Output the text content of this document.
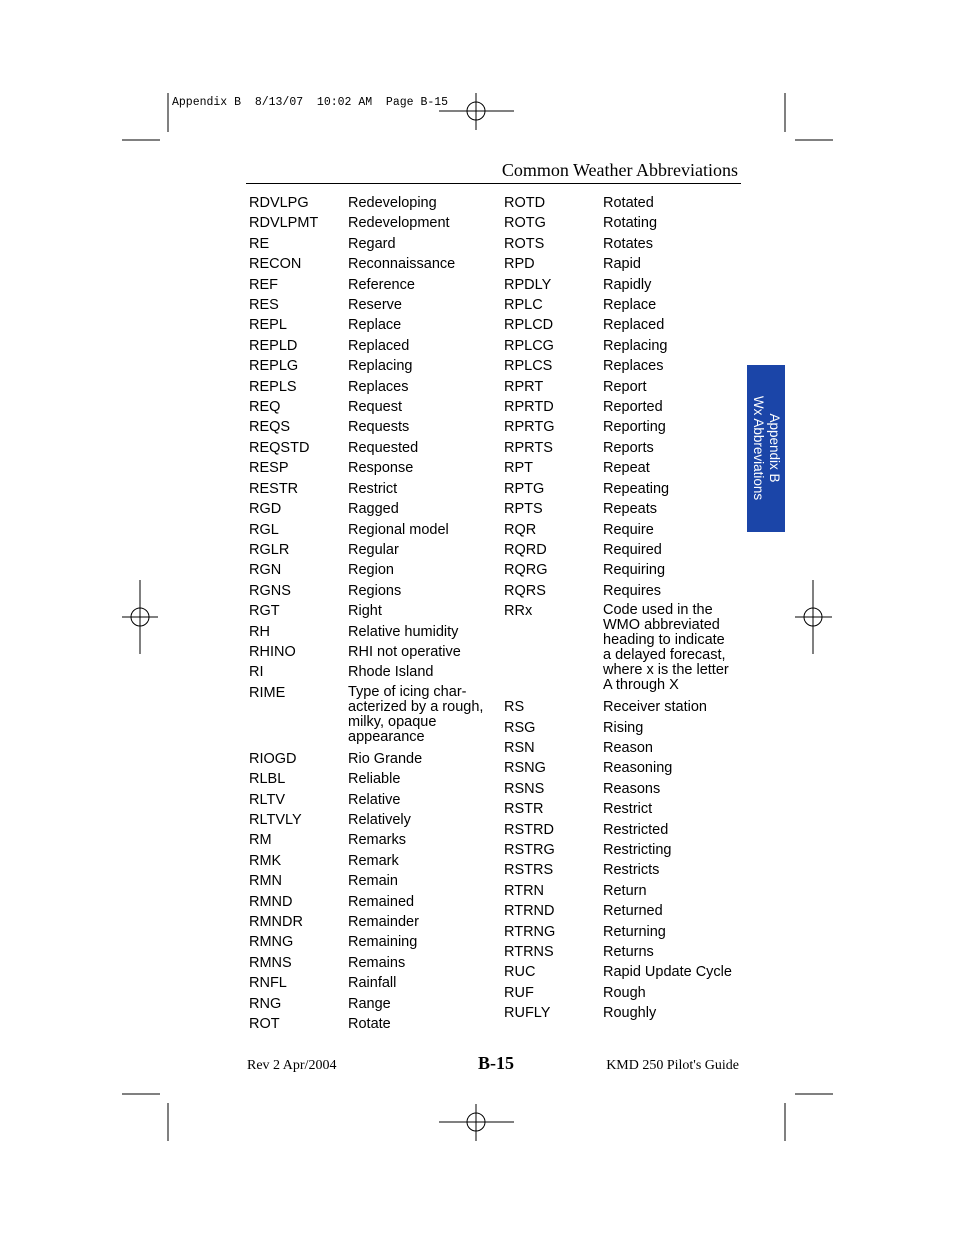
Appendix B  8/13/07  10:02 AM  Page B-15
Common Weather Abbreviations
RDVLPG	Redeveloping
RDVLPMT	Redevelopment
RE	Regard
RECON	Reconnaissance
REF	Reference
RES	Reserve
REPL	Replace
REPLD	Replaced
REPLG	Replacing
REPLS	Replaces
REQ	Request
REQS	Requests
REQSTD	Requested
RESP	Response
RESTR	Restrict
RGD	Ragged
RGL	Regional model
RGLR	Regular
RGN	Region
RGNS	Regions
RGT	Right
RH	Relative humidity
RHINO	RHI not operative
RI	Rhode Island
RIME	Type of icing char-
acterized by a rough,
milky, opaque
appearance
RIOGD	Rio Grande
RLBL	Reliable
RLTV	Relative
RLTVLY	Relatively
RM	Remarks
RMK	Remark
RMN	Remain
RMND	Remained
RMNDR	Remainder
RMNG	Remaining
RMNS	Remains
RNFL	Rainfall
RNG	Range
ROT	Rotate
ROTD	Rotated
ROTG	Rotating
ROTS	Rotates
RPD	Rapid
RPDLY	Rapidly
RPLC	Replace
RPLCD	Replaced
RPLCG	Replacing
RPLCS	Replaces
RPRT	Report
RPRTD	Reported
RPRTG	Reporting
RPRTS	Reports
RPT	Repeat
RPTG	Repeating
RPTS	Repeats
RQR	Require
RQRD	Required
RQRG	Requiring
RQRS	Requires
RRx	Code used in the
WMO abbreviated
heading to indicate
a delayed forecast,
where x is the letter
A through X
RS	Receiver station
RSG	Rising
RSN	Reason
RSNG	Reasoning
RSNS	Reasons
RSTR	Restrict
RSTRD	Restricted
RSTRG	Restricting
RSTRS	Restricts
RTRN	Return
RTRND	Returned
RTRNG	Returning
RTRNS	Returns
RUC	Rapid Update Cycle
RUF	Rough
RUFLY	Roughly
Appendix B
Wx Abbreviations
Rev 2 Apr/2004	B-15	KMD 250 Pilot's Guide
